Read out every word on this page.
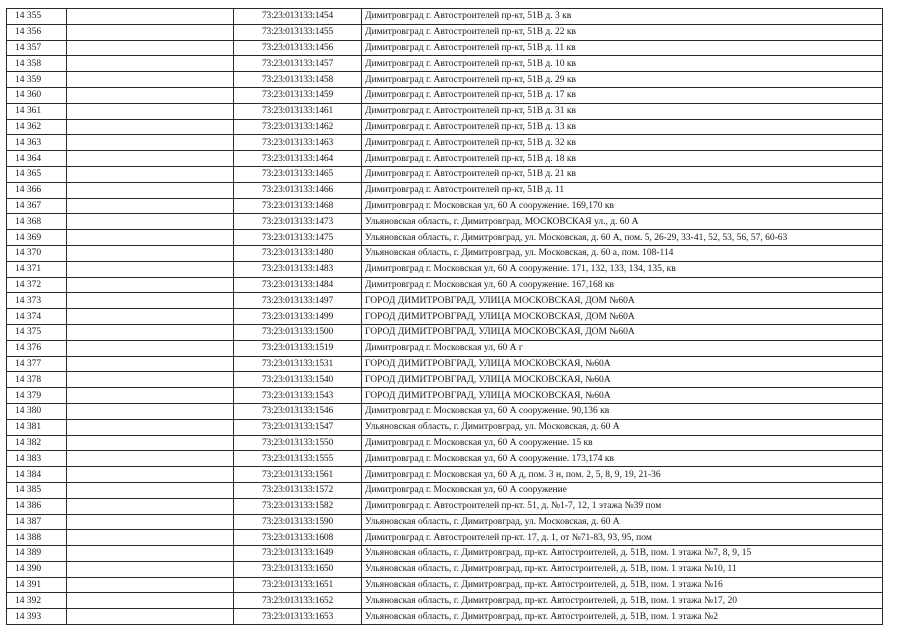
14 355		73:23:013133:1454	Димитровград г. Автостроителей пр-кт, 51В д. 3 кв
14 356		73:23:013133:1455	Димитровград г. Автостроителей пр-кт, 51В д. 22 кв
14 357		73:23:013133:1456	Димитровград г. Автостроителей пр-кт, 51В д. 11 кв
14 358		73:23:013133:1457	Димитровград г. Автостроителей пр-кт, 51В д. 10 кв
14 359		73:23:013133:1458	Димитровград г. Автостроителей пр-кт, 51В д. 29 кв
14 360		73:23:013133:1459	Димитровград г. Автостроителей пр-кт, 51В д. 17 кв
14 361		73:23:013133:1461	Димитровград г. Автостроителей пр-кт, 51В д. 31 кв
14 362		73:23:013133:1462	Димитровград г. Автостроителей пр-кт, 51В д. 13 кв
14 363		73:23:013133:1463	Димитровград г. Автостроителей пр-кт, 51В д. 32 кв
14 364		73:23:013133:1464	Димитровград г. Автостроителей пр-кт, 51В д. 18 кв
14 365		73:23:013133:1465	Димитровград г. Автостроителей пр-кт, 51В д. 21 кв
14 366		73:23:013133:1466	Димитровград г. Автостроителей пр-кт, 51В д. 11
14 367		73:23:013133:1468	Димитровград г. Московская ул, 60 А сооружение. 169,170 кв
14 368		73:23:013133:1473	Ульяновская область, г. Димитровград, МОСКОВСКАЯ ул., д. 60 А
14 369		73:23:013133:1475	Ульяновская область, г. Димитровград, ул. Московская, д. 60 А, пом. 5, 26-29, 33-41, 52, 53, 56, 57, 60-63
14 370		73:23:013133:1480	Ульяновская область, г. Димитровград, ул. Московская, д. 60 а, пом. 108-114
14 371		73:23:013133:1483	Димитровград г. Московская ул, 60 А сооружение. 171, 132, 133, 134, 135, кв
14 372		73:23:013133:1484	Димитровград г. Московская ул, 60 А сооружение. 167,168 кв
14 373		73:23:013133:1497	ГОРОД ДИМИТРОВГРАД, УЛИЦА МОСКОВСКАЯ, ДОМ №60А
14 374		73:23:013133:1499	ГОРОД ДИМИТРОВГРАД, УЛИЦА МОСКОВСКАЯ, ДОМ №60А
14 375		73:23:013133:1500	ГОРОД ДИМИТРОВГРАД, УЛИЦА МОСКОВСКАЯ, ДОМ №60А
14 376		73:23:013133:1519	Димитровград г. Московская ул, 60 А г
14 377		73:23:013133:1531	ГОРОД ДИМИТРОВГРАД, УЛИЦА МОСКОВСКАЯ, №60А
14 378		73:23:013133:1540	ГОРОД ДИМИТРОВГРАД, УЛИЦА МОСКОВСКАЯ, №60А
14 379		73:23:013133:1543	ГОРОД ДИМИТРОВГРАД, УЛИЦА МОСКОВСКАЯ, №60А
14 380		73:23:013133:1546	Димитровград г. Московская ул, 60 А сооружение. 90,136 кв
14 381		73:23:013133:1547	Ульяновская область, г. Димитровград, ул. Московская, д. 60 А
14 382		73:23:013133:1550	Димитровград г. Московская ул, 60 А сооружение. 15 кв
14 383		73:23:013133:1555	Димитровград г. Московская ул, 60 А сооружение. 173,174 кв
14 384		73:23:013133:1561	Димитровград г. Московская ул, 60 А д, пом. 3 н, пом. 2, 5, 8, 9, 19, 21-36
14 385		73:23:013133:1572	Димитровград г. Московская ул, 60 А сооружение
14 386		73:23:013133:1582	Димитровград г. Автостроителей пр-кт. 51, д. №1-7, 12, 1 этажа №39 пом
14 387		73:23:013133:1590	Ульяновская область, г. Димитровград, ул. Московская, д. 60 А
14 388		73:23:013133:1608	Димитровград г. Автостроителей пр-кт. 17, д. 1, от №71-83, 93, 95, пом
14 389		73:23:013133:1649	Ульяновская область, г. Димитровград, пр-кт. Автостроителей, д. 51В, пом. 1 этажа №7, 8, 9, 15
14 390		73:23:013133:1650	Ульяновская область, г. Димитровград, пр-кт. Автостроителей, д. 51В, пом. 1 этажа №10, 11
14 391		73:23:013133:1651	Ульяновская область, г. Димитровград, пр-кт. Автостроителей, д. 51В, пом. 1 этажа №16
14 392		73:23:013133:1652	Ульяновская область, г. Димитровград, пр-кт. Автостроителей, д. 51В, пом. 1 этажа №17, 20
14 393		73:23:013133:1653	Ульяновская область, г. Димитровград, пр-кт. Автостроителей, д. 51В, пом. 1 этажа №2
